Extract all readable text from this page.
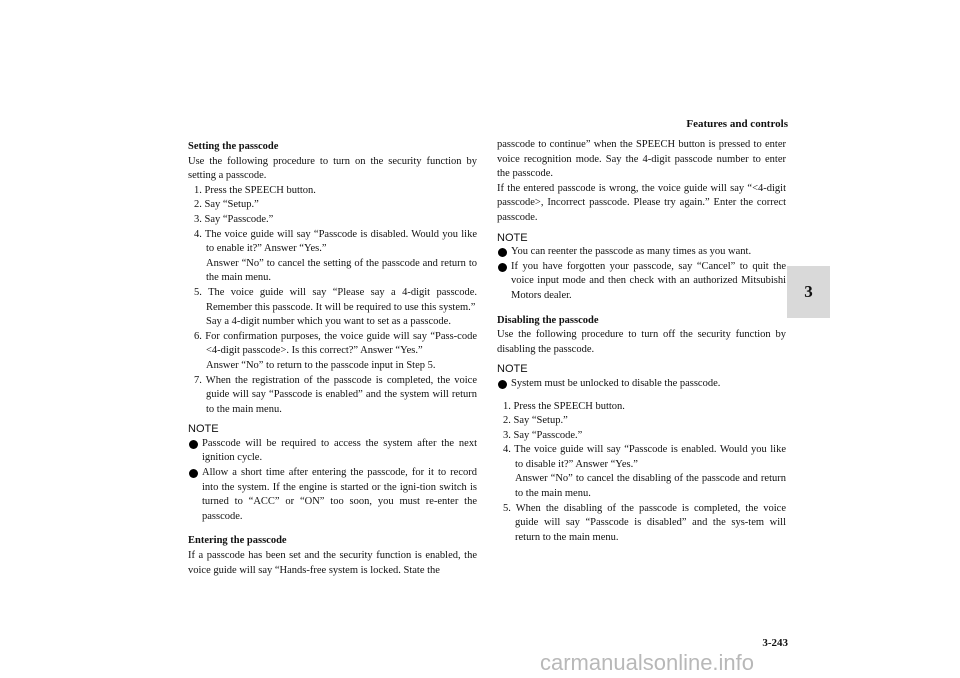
Features and controls
3

Setting the passcode

Use the following procedure to turn on the security function by setting a passcode.

1. Press the SPEECH button.

2. Say “Setup.”

3. Say “Passcode.”

4. The voice guide will say “Passcode is disabled. Would you like to enable it?” Answer “Yes.”

Answer “No” to cancel the setting of the passcode and return to the main menu.

5. The voice guide will say “Please say a 4-digit passcode. Remember this passcode. It will be required to use this system.”

Say a 4-digit number which you want to set as a passcode.

6. For confirmation purposes, the voice guide will say “Pass-code <4-digit passcode>. Is this correct?” Answer “Yes.”

Answer “No” to return to the passcode input in Step 5.

7. When the registration of the passcode is completed, the voice guide will say “Passcode is enabled” and the system will return to the main menu.

NOTE

Passcode will be required to access the system after the next ignition cycle.

Allow a short time after entering the passcode, for it to record into the system. If the engine is started or the igni-tion switch is turned to “ACC” or “ON” too soon, you must re-enter the passcode.

Entering the passcode

If a passcode has been set and the security function is enabled, the voice guide will say “Hands-free system is locked. State the

passcode to continue” when the SPEECH button is pressed to enter voice recognition mode. Say the 4-digit passcode number to enter the passcode.

If the entered passcode is wrong, the voice guide will say “<4-digit passcode>, Incorrect passcode. Please try again.” Enter the correct passcode.

NOTE

You can reenter the passcode as many times as you want.

If you have forgotten your passcode, say “Cancel” to quit the voice input mode and then check with an authorized Mitsubishi Motors dealer.

Disabling the passcode

Use the following procedure to turn off the security function by disabling the passcode.

NOTE

System must be unlocked to disable the passcode.

1. Press the SPEECH button.

2. Say “Setup.”

3. Say “Passcode.”

4. The voice guide will say “Passcode is enabled. Would you like to disable it?” Answer “Yes.”

Answer “No” to cancel the disabling of the passcode and return to the main menu.

5. When the disabling of the passcode is completed, the voice guide will say “Passcode is disabled” and the sys-tem will return to the main menu.

3-243
carmanualsonline.info
